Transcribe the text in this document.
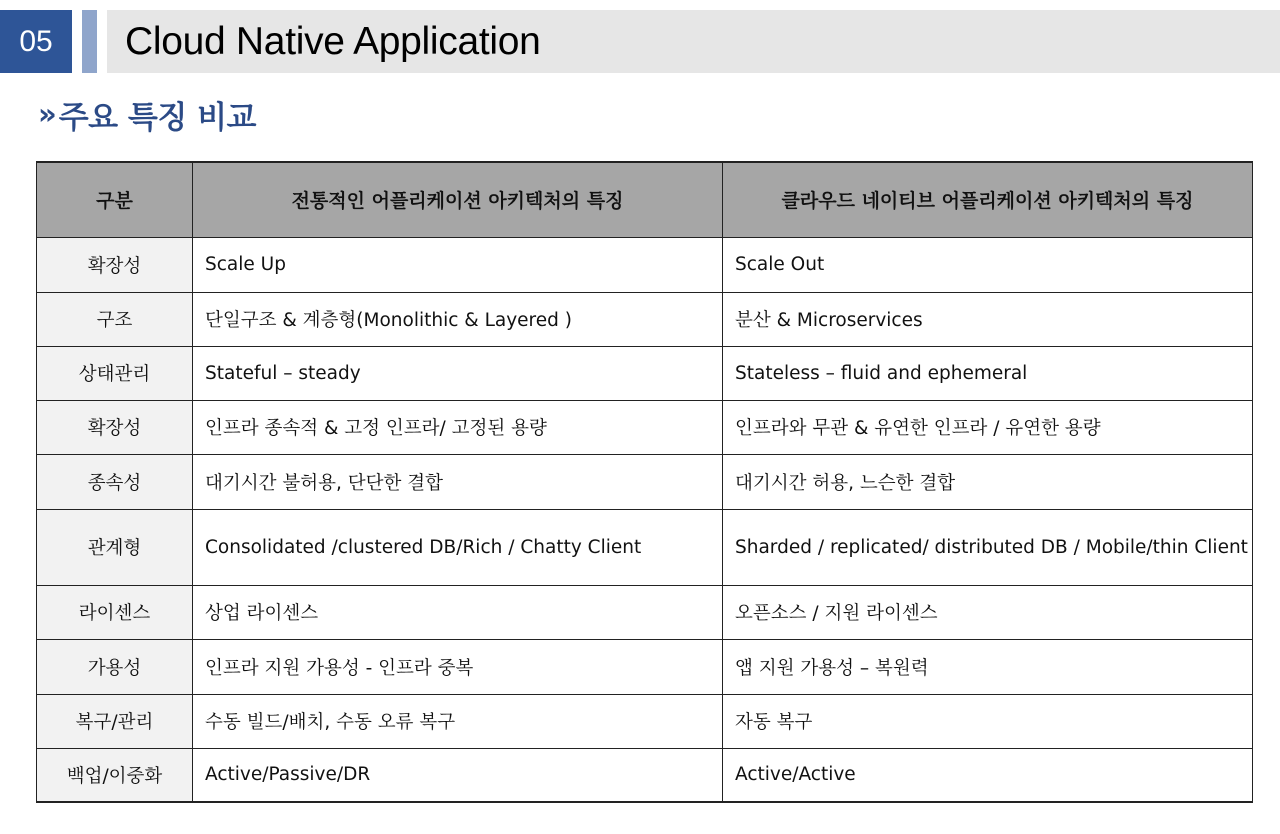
05	Cloud Native Application
» 주요 특징 비교
구분	전통적인 어플리케이션 아키텍처의 특징	클라우드 네이티브 어플리케이션 아키텍처의 특징
확장성	Scale Up	Scale Out
구조	단일구조 & 계층형(Monolithic & Layered )	분산 & Microservices
상태관리	Stateful – steady	Stateless – fluid and ephemeral
확장성	인프라 종속적 & 고정 인프라/ 고정된 용량	인프라와 무관 & 유연한 인프라 / 유연한 용량
종속성	대기시간 불허용, 단단한 결합	대기시간 허용, 느슨한 결합
관계형	Consolidated /clustered DB/Rich / Chatty Client	Sharded / replicated/ distributed DB / Mobile/thin Client
라이센스	상업 라이센스	오픈소스 / 지원 라이센스
가용성	인프라 지원 가용성 - 인프라 중복	앱 지원 가용성 – 복원력
복구/관리	수동 빌드/배치, 수동 오류 복구	자동 복구
백업/이중화	Active/Passive/DR	Active/Active
